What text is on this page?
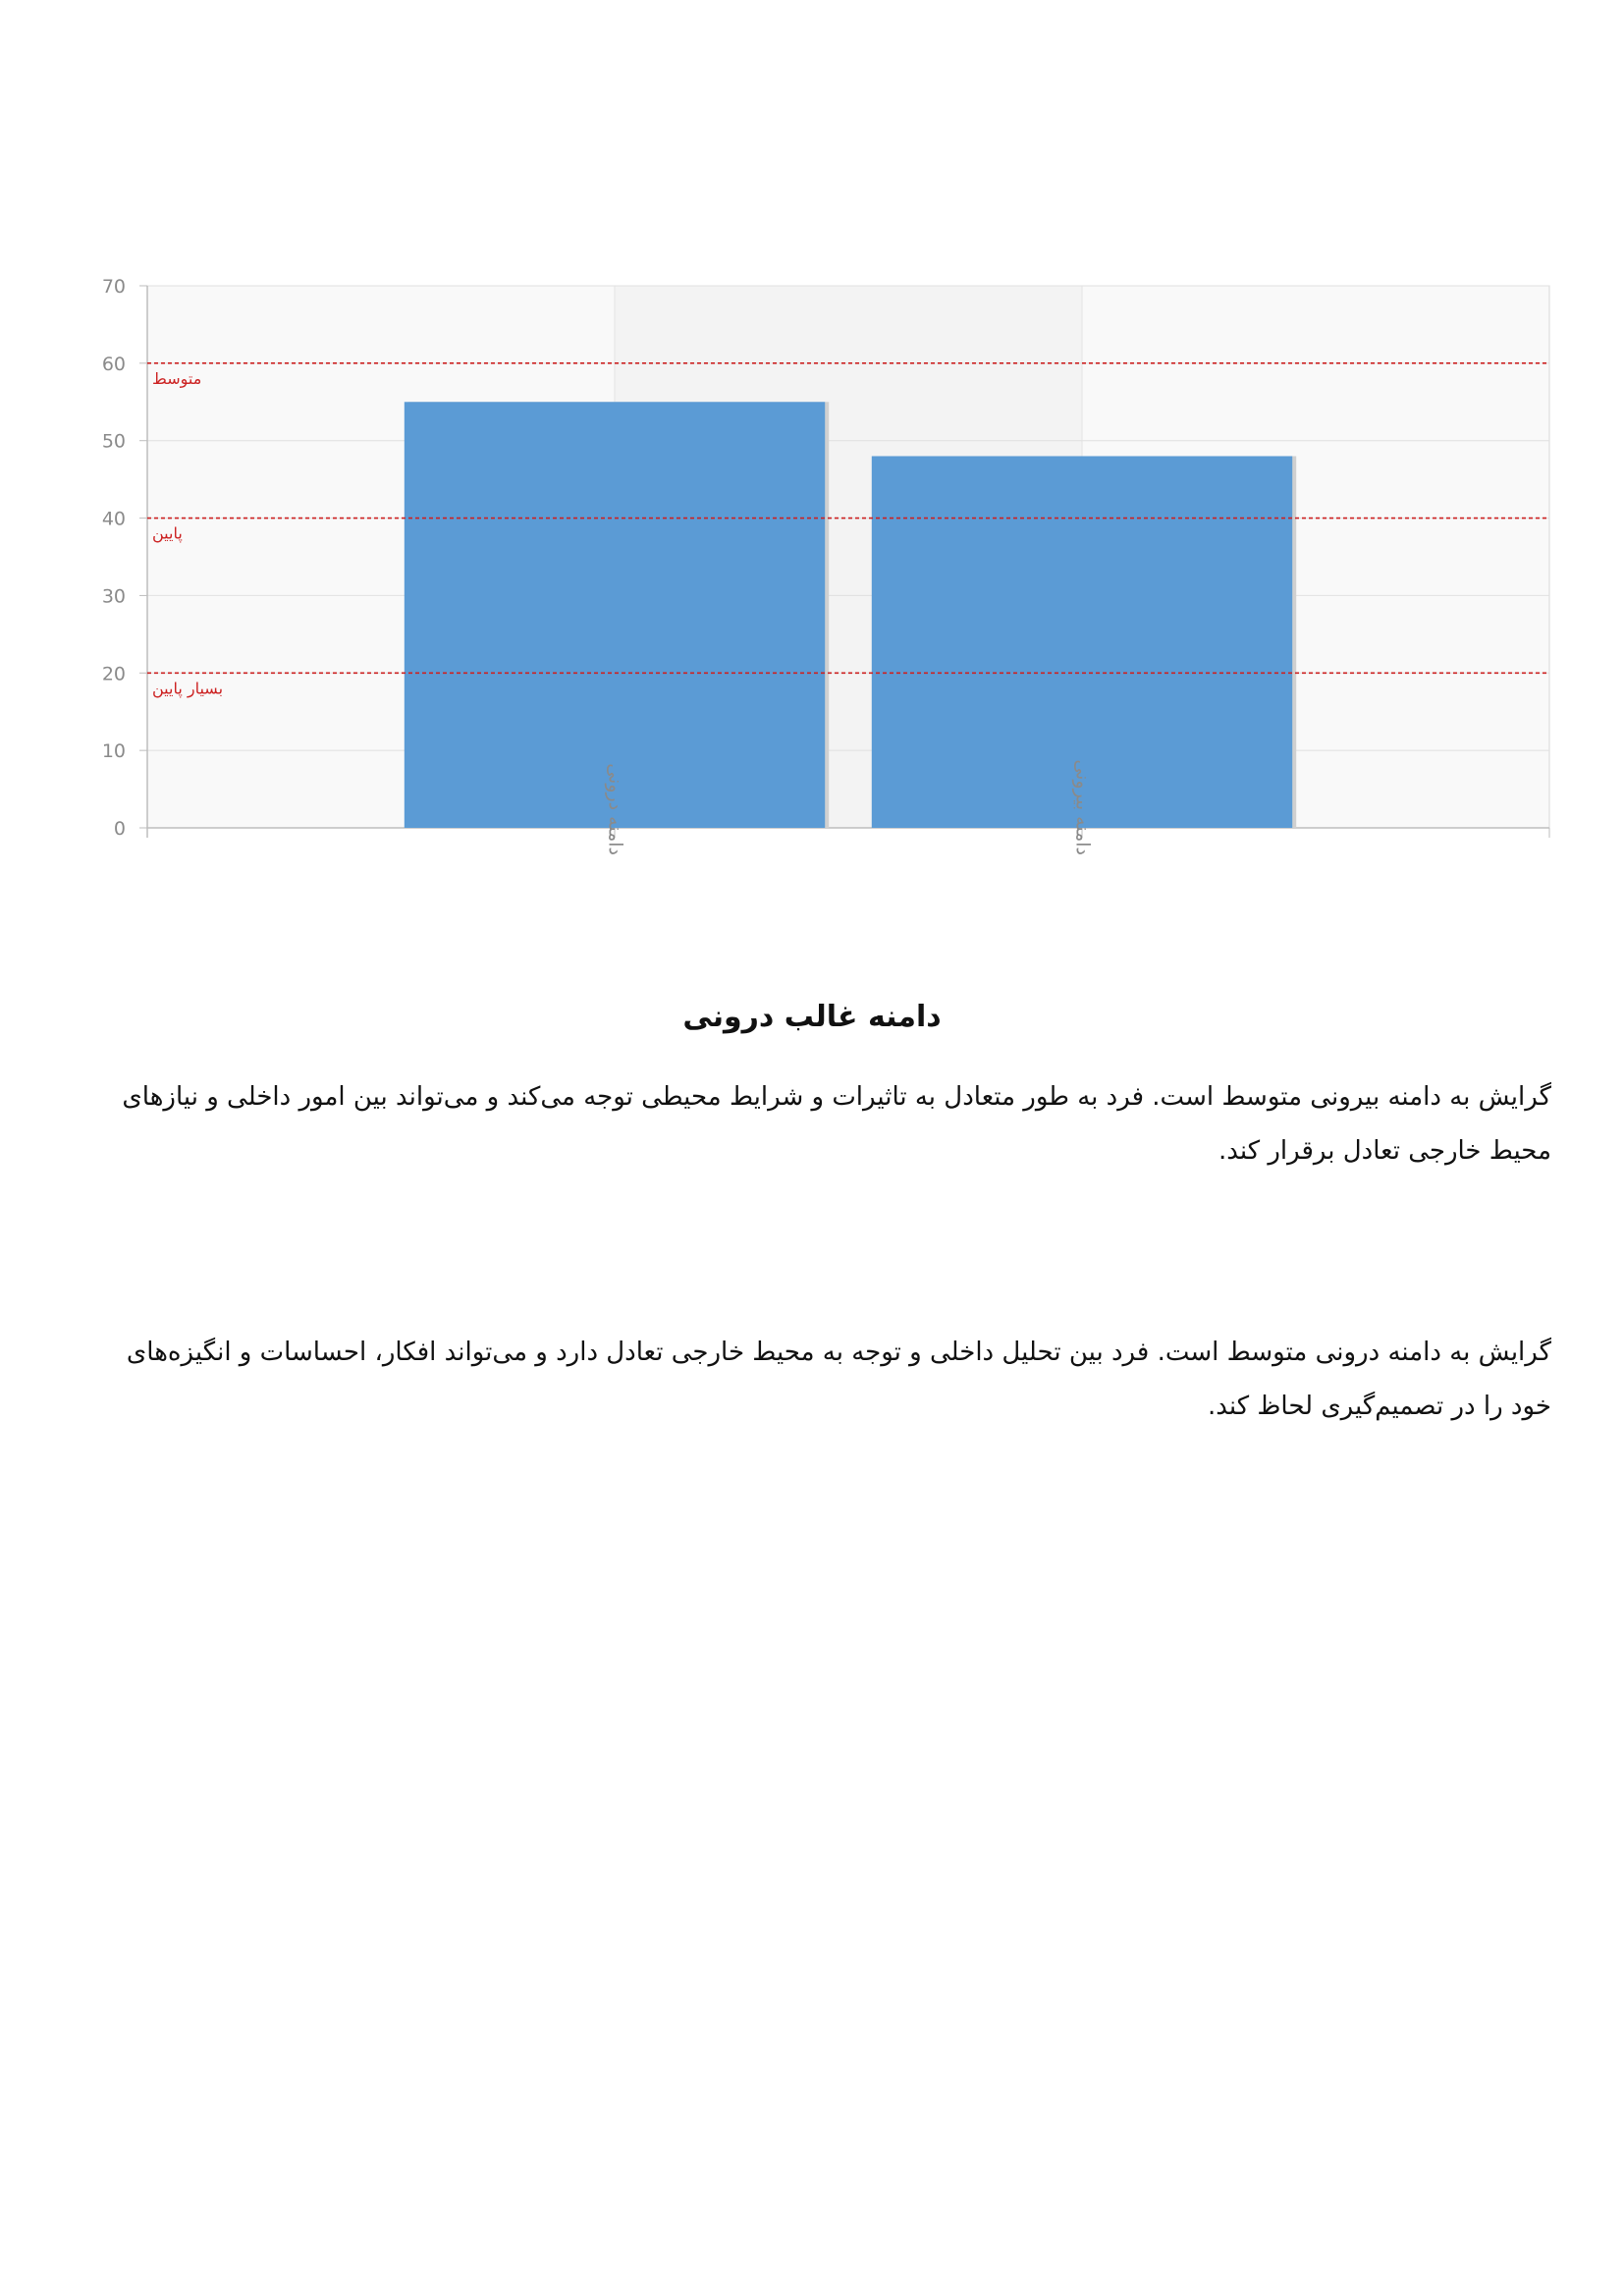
0
10
20
30
40
50
60
70
دامنه درونی	دامنه بیرونی
متوسط
پایین
بسیار پایین
دامنه غالب درونی
گرایش به دامنه بیرونی متوسط است. فرد به طور متعادل به تاثیرات و شرایط محیطی توجه می‌کند و می‌تواند بین امور داخلی و نیازهای محیط خارجی تعادل برقرار کند.
گرایش به دامنه درونی متوسط است. فرد بین تحلیل داخلی و توجه به محیط خارجی تعادل دارد و می‌تواند افکار، احساسات و انگیزه‌های خود را در تصمیم‌گیری لحاظ کند.
